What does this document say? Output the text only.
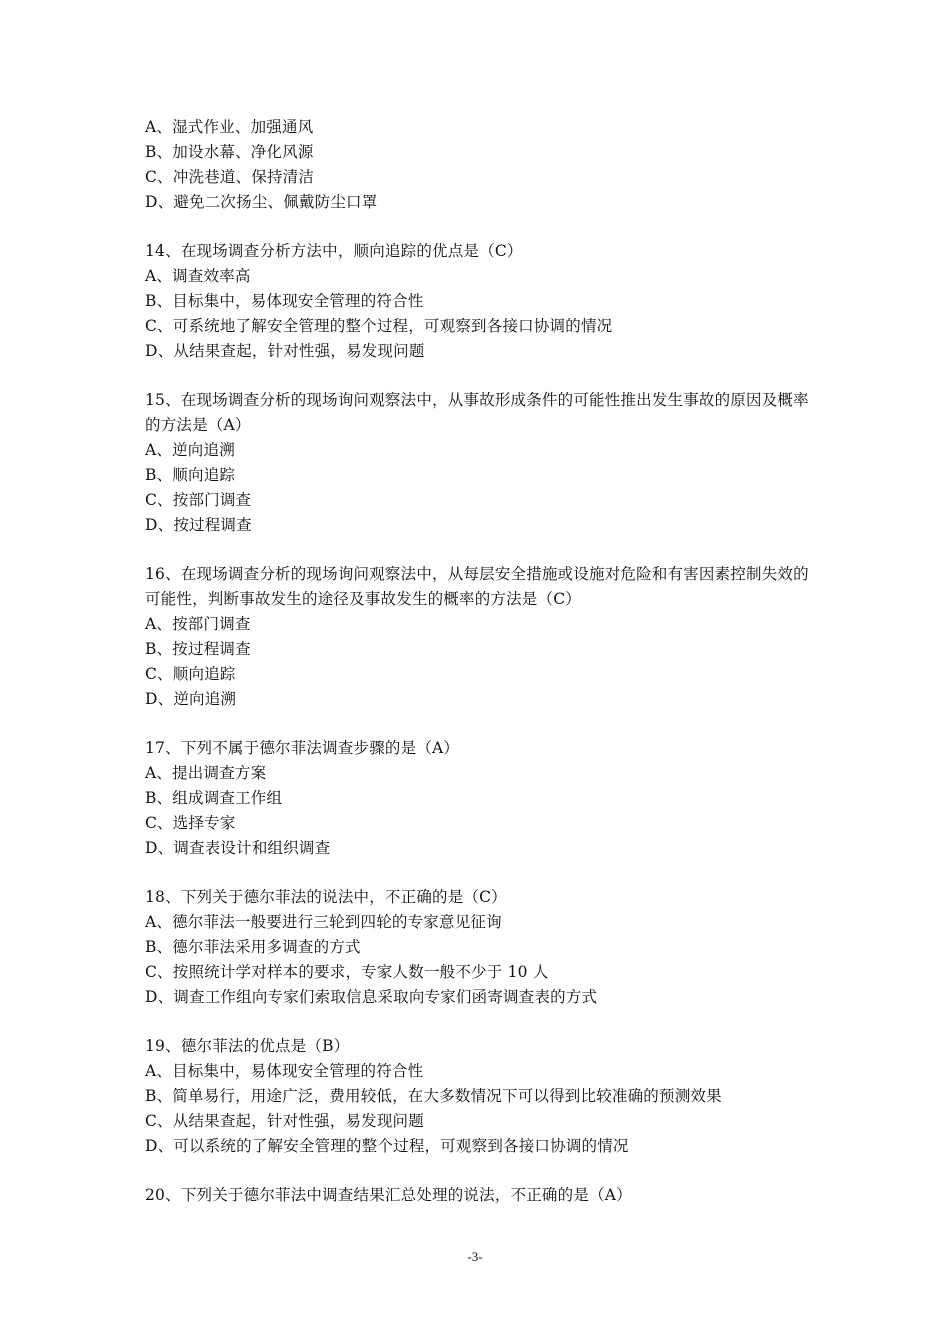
A、湿式作业、加强通风
B、加设水幕、净化风源
C、冲洗巷道、保持清洁
D、避免二次扬尘、佩戴防尘口罩
14、在现场调查分析方法中，顺向追踪的优点是（C）
A、调查效率高
B、目标集中，易体现安全管理的符合性
C、可系统地了解安全管理的整个过程，可观察到各接口协调的情况
D、从结果查起，针对性强，易发现问题
15、在现场调查分析的现场询问观察法中，从事故形成条件的可能性推出发生事故的原因及概率的方法是（A）
A、逆向追溯
B、顺向追踪
C、按部门调查
D、按过程调查
16、在现场调查分析的现场询问观察法中，从每层安全措施或设施对危险和有害因素控制失效的可能性，判断事故发生的途径及事故发生的概率的方法是（C）
A、按部门调查
B、按过程调查
C、顺向追踪
D、逆向追溯
17、下列不属于德尔菲法调查步骤的是（A）
A、提出调查方案
B、组成调查工作组
C、选择专家
D、调查表设计和组织调查
18、下列关于德尔菲法的说法中，不正确的是（C）
A、德尔菲法一般要进行三轮到四轮的专家意见征询
B、德尔菲法采用多调查的方式
C、按照统计学对样本的要求，专家人数一般不少于 10 人
D、调查工作组向专家们索取信息采取向专家们函寄调查表的方式
19、德尔菲法的优点是（B）
A、目标集中，易体现安全管理的符合性
B、简单易行，用途广泛，费用较低，在大多数情况下可以得到比较准确的预测效果
C、从结果查起，针对性强，易发现问题
D、可以系统的了解安全管理的整个过程，可观察到各接口协调的情况
20、下列关于德尔菲法中调查结果汇总处理的说法，不正确的是（A）
-3-
